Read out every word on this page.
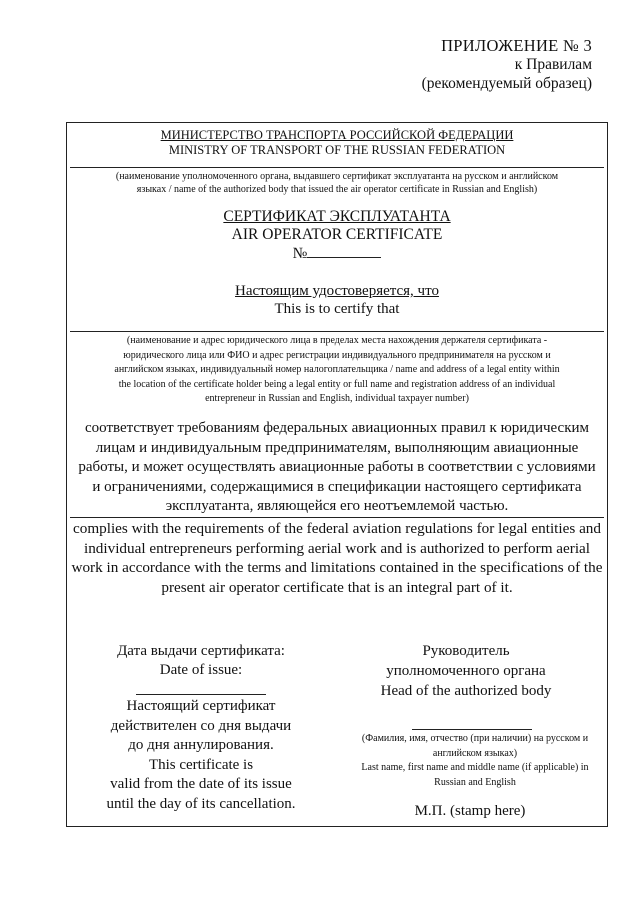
ПРИЛОЖЕНИЕ № 3
к Правилам
(рекомендуемый образец)
МИНИСТЕРСТВО ТРАНСПОРТА РОССИЙСКОЙ ФЕДЕРАЦИИ
MINISTRY OF TRANSPORT OF THE RUSSIAN FEDERATION
(наименование уполномоченного органа, выдавшего сертификат эксплуатанта на русском и английском
языках / name of the authorized body that issued the air operator certificate in Russian and English)
СЕРТИФИКАТ ЭКСПЛУАТАНТА
AIR OPERATOR CERTIFICATE
№
Настоящим удостоверяется, что
This is to certify that
(наименование и адрес юридического лица в пределах места нахождения держателя сертификата -
юридического лица или ФИО и адрес регистрации индивидуального предпринимателя на русском и
английском языках, индивидуальный номер налогоплательщика / name and address of a legal entity within
the location of the certificate holder being a legal entity or full name and registration address of an individual
entrepreneur in Russian and English, individual taxpayer number)
соответствует требованиям федеральных авиационных правил к юридическим
лицам и индивидуальным предпринимателям, выполняющим авиационные
работы, и может осуществлять авиационные работы в соответствии с условиями
и ограничениями, содержащимися в спецификации настоящего сертификата
эксплуатанта, являющейся его неотъемлемой частью.
complies with the requirements of the federal aviation regulations for legal entities and
individual entrepreneurs performing aerial work and is authorized to perform aerial
work in accordance with the terms and limitations contained in the specifications of the
present air operator certificate that is an integral part of it.
Дата выдачи сертификата:
Date of issue:
Настоящий сертификат
действителен со дня выдачи
до дня аннулирования.
This certificate is
valid from the date of its issue
until the day of its cancellation.
Руководитель
уполномоченного органа
Head of the authorized body
(Фамилия, имя, отчество (при наличии) на русском и
английском языках)
Last name, first name and middle name (if applicable) in
Russian and English
М.П. (stamp here)
